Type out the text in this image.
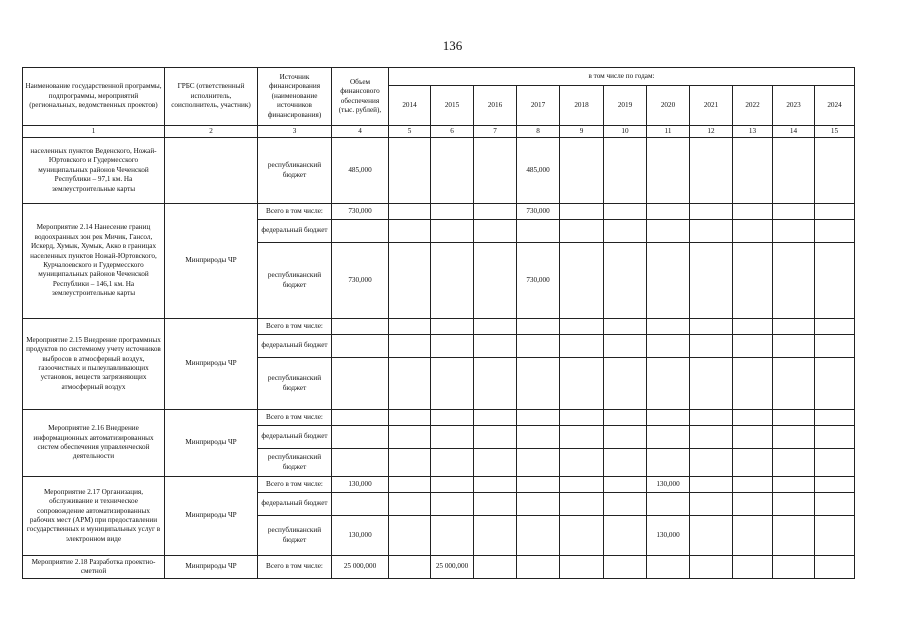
136
Наименование государственной программы, подпрограммы, мероприятий (региональных, ведомственных проектов)	ГРБС (ответственный исполнитель, соисполнитель, участник)	Источник финансирования (наименование источников финансирования)	Объем финансового обеспечения (тыс. рублей),	в том числе по годам:										
				2014	2015	2016	2017	2018	2019	2020	2021	2022	2023	2024
1	2	3	4	5	6	7	8	9	10	11	12	13	14	15
населенных пунктов Веденского, Ножай-Юртовского и Гудермесского муниципальных районов Чеченской Республики – 97,1 км. На землеустроительные карты		республиканский бюджет	485,000				485,000							
Мероприятие 2.14 Нанесение границ водоохранных зон рек Мичик, Гансол, Искерд, Хумык, Хумык, Акко в границах населенных пунктов Ножай-Юртовского, Курчалоевского и Гудермесского муниципальных районов Чеченской Республики – 146,1 км. На землеустроительные карты	Минприроды ЧР	Всего в том числе:	730,000				730,000							
		федеральный бюджет												
		республиканский бюджет	730,000				730,000							
Мероприятие 2.15 Внедрение программных продуктов по системному учету источников выбросов в атмосферный воздух, газоочистных и пылеулавливающих установок, веществ загрязняющих атмосферный воздух	Минприроды ЧР	Всего в том числе:												
		федеральный бюджет												
		республиканский бюджет												
Мероприятие 2.16 Внедрение информационных автоматизированных систем обеспечения управленческой деятельности	Минприроды ЧР	Всего в том числе:												
		федеральный бюджет												
		республиканский бюджет												
Мероприятие 2.17 Организация, обслуживание и техническое сопровождение автоматизированных рабочих мест (АРМ) при предоставлении государственных и муниципальных услуг в электронном виде	Минприроды ЧР	Всего в том числе:	130,000							130,000				
		федеральный бюджет												
		республиканский бюджет	130,000							130,000				
Мероприятие 2.18 Разработка проектно-сметной	Минприроды ЧР	Всего в том числе:	25 000,000		25 000,000									
